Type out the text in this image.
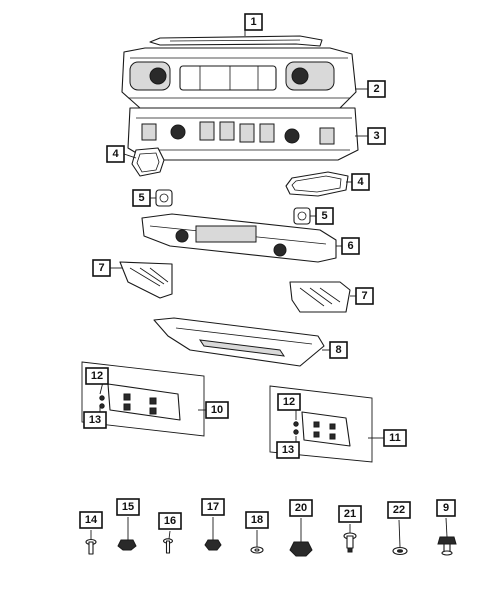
1
2
3
4
4
5
5
6
7
7
8
10
11
12
13
12
13
14
15
16
17
18
20	21	22	9
